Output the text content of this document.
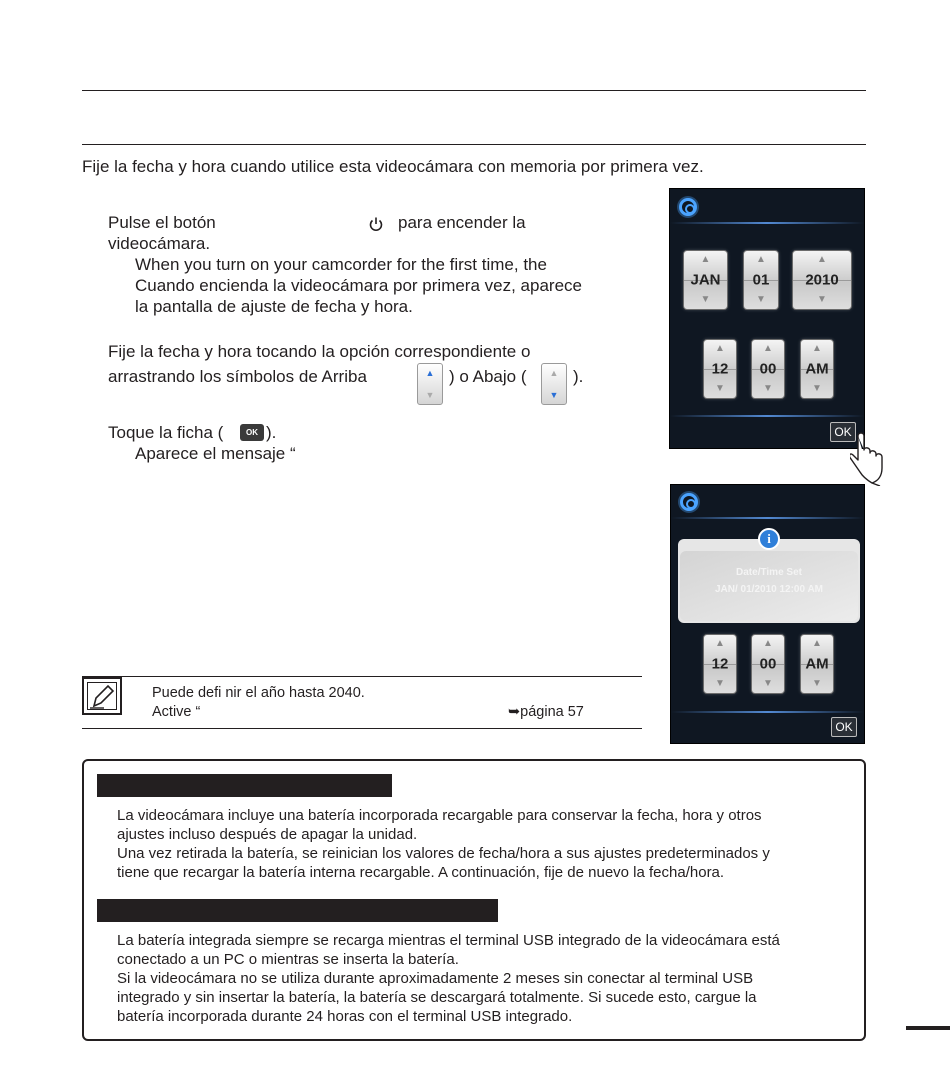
Fije la fecha y hora cuando utilice esta videocámara con memoria por primera vez.
Pulse el botón	para encender la
videocámara.
When you turn on your camcorder for the first time, the
Cuando encienda la videocámara por primera vez, aparece
la pantalla de ajuste de fecha y hora.
Fije la fecha y hora tocando la opción correspondiente o
arrastrando los símbolos de Arriba	▲
▼
) o Abajo (	▲
▼
).
Toque la ficha (	OK ).
Aparece el mensaje “
▲
JAN
▼
▲
01
▼
▲
2010
▼
▲
12
▼
▲
00
▼
▲
AM
▼
OK
Date/Time Set
JAN/ 01/2010 12:00 AM
i
▲
12
▼
▲
00
▼
▲
AM
▼
OK
Puede defi nir el año hasta 2040.
Active “	➥página 57
La videocámara incluye una batería incorporada recargable para conservar la fecha, hora y otros
ajustes incluso después de apagar la unidad.
Una vez retirada la batería, se reinician los valores de fecha/hora a sus ajustes predeterminados y
tiene que recargar la batería interna recargable. A continuación, fije de nuevo la fecha/hora.
La batería integrada siempre se recarga mientras el terminal USB integrado de la videocámara está
conectado a un PC o mientras se inserta la batería.
Si la videocámara no se utiliza durante aproximadamente 2 meses sin conectar al terminal USB
integrado y sin insertar la batería, la batería se descargará totalmente. Si sucede esto, cargue la
batería incorporada durante 24 horas con el terminal USB integrado.
